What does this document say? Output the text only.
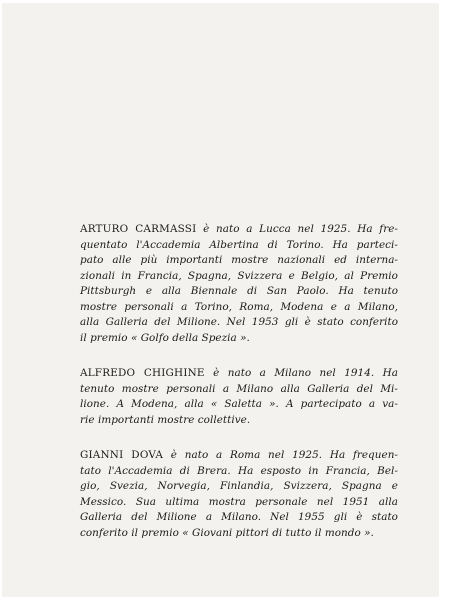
ARTURO CARMASSI è nato a Lucca nel 1925. Ha fre-
quentato l'Accademia Albertina di Torino. Ha parteci-
pato alle più importanti mostre nazionali ed interna-
zionali in Francia, Spagna, Svizzera e Belgio, al Premio
Pittsburgh e alla Biennale di San Paolo. Ha tenuto
mostre personali a Torino, Roma, Modena e a Milano,
alla Galleria del Milione. Nel 1953 gli è stato conferito
il premio « Golfo della Spezia ».
ALFREDO CHIGHINE è nato a Milano nel 1914. Ha
tenuto mostre personali a Milano alla Galleria del Mi-
lione. A Modena, alla « Saletta ». A partecipato a va-
rie importanti mostre collettive.
GIANNI DOVA è nato a Roma nel 1925. Ha frequen-
tato l'Accademia di Brera. Ha esposto in Francia, Bel-
gio, Svezia, Norvegia, Finlandia, Svizzera, Spagna e
Messico. Sua ultima mostra personale nel 1951 alla
Galleria del Milione a Milano. Nel 1955 gli è stato
conferito il premio « Giovani pittori di tutto il mondo ».
